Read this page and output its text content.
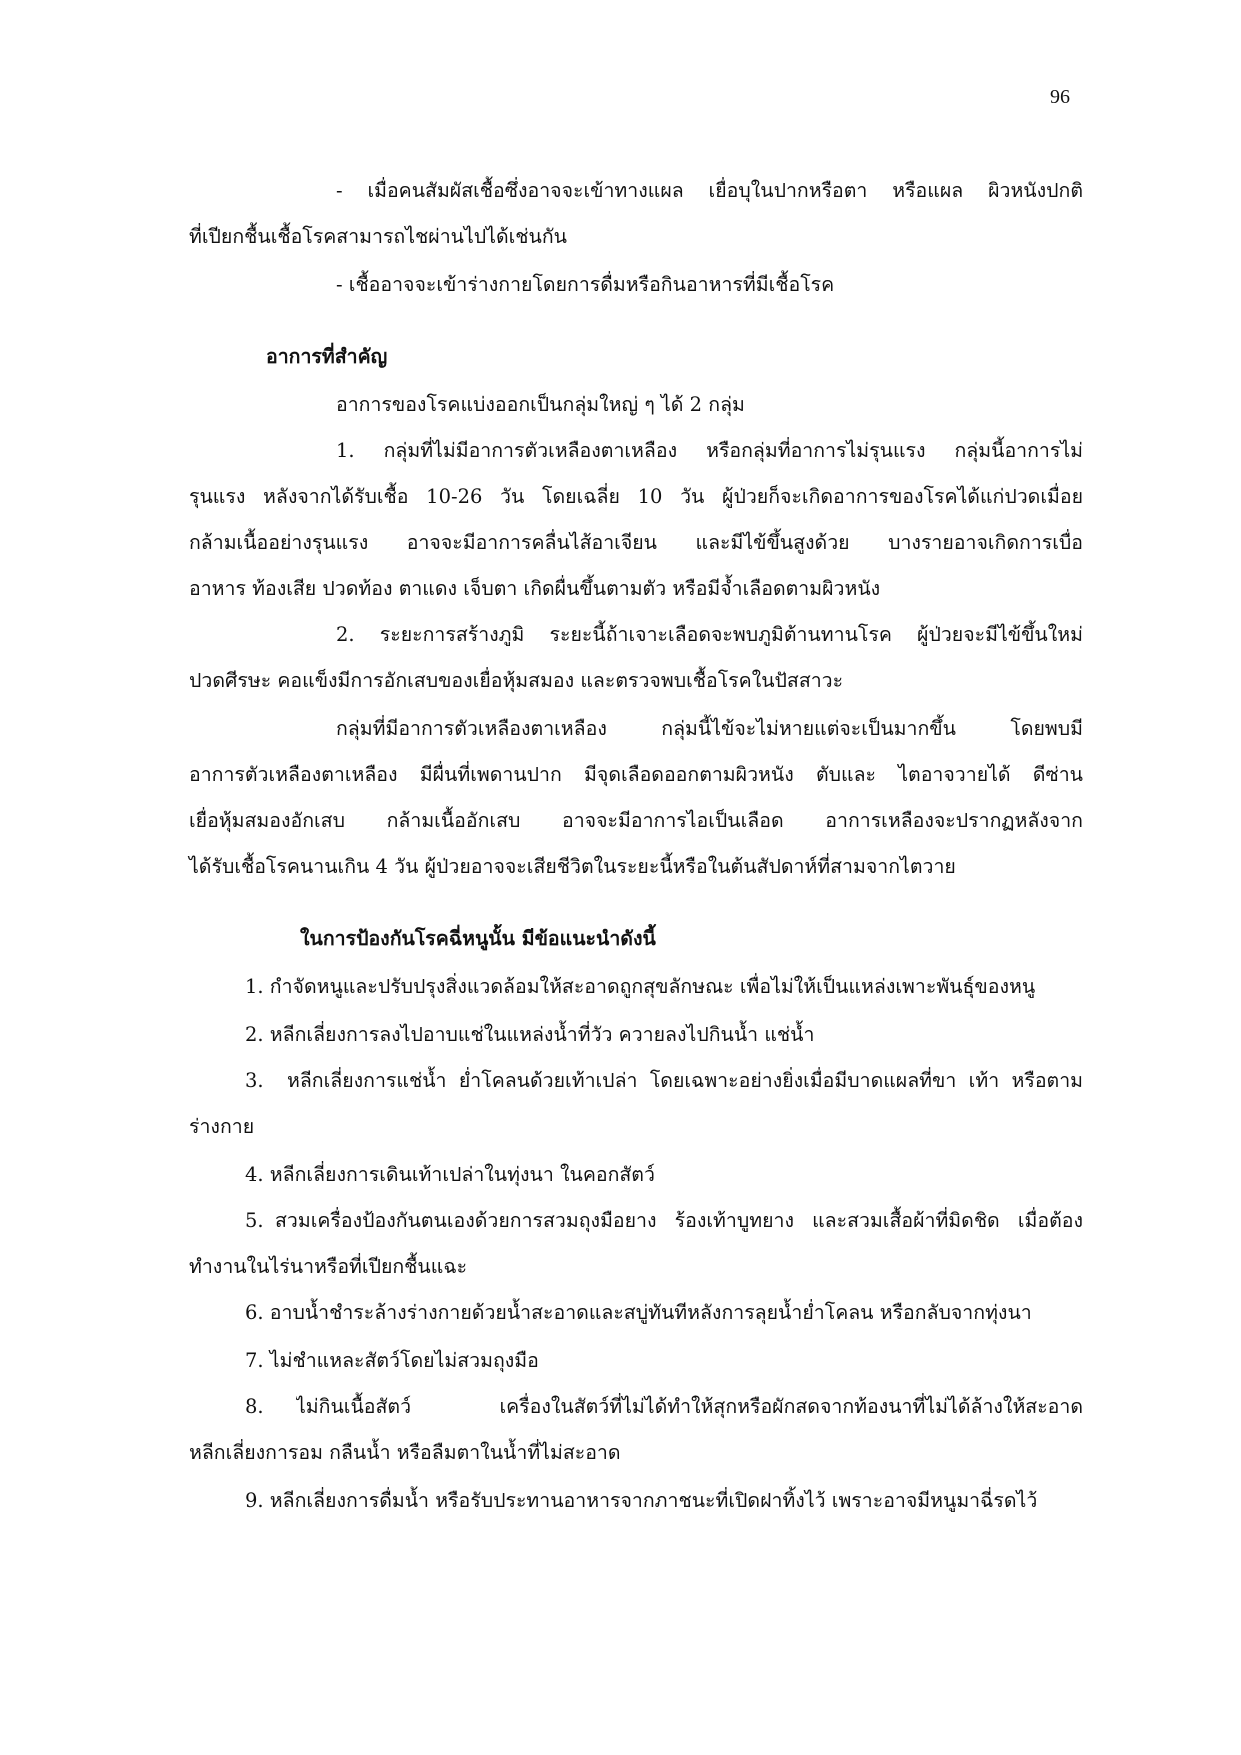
96
- เมื่อคนสัมผัสเชื้อซึ่งอาจจะเข้าทางแผล เยื่อบุในปากหรือตา หรือแผล ผิวหนังปกติ
ที่เปียกชื้นเชื้อโรคสามารถไชผ่านไปได้เช่นกัน
- เชื้ออาจจะเข้าร่างกายโดยการดื่มหรือกินอาหารที่มีเชื้อโรค
อาการที่สำคัญ
อาการของโรคแบ่งออกเป็นกลุ่มใหญ่ ๆ ได้ 2 กลุ่ม
1. กลุ่มที่ไม่มีอาการตัวเหลืองตาเหลือง หรือกลุ่มที่อาการไม่รุนแรง กลุ่มนี้อาการไม่
รุนแรง หลังจากได้รับเชื้อ 10-26 วัน โดยเฉลี่ย 10 วัน ผู้ป่วยก็จะเกิดอาการของโรคได้แก่ปวดเมื่อย
กล้ามเนื้ออย่างรุนแรง อาจจะมีอาการคลื่นไส้อาเจียน และมีไข้ขึ้นสูงด้วย บางรายอาจเกิดการเบื่อ
อาหาร ท้องเสีย ปวดท้อง ตาแดง เจ็บตา เกิดผื่นขึ้นตามตัว หรือมีจ้ำเลือดตามผิวหนัง
2. ระยะการสร้างภูมิ ระยะนี้ถ้าเจาะเลือดจะพบภูมิต้านทานโรค ผู้ป่วยจะมีไข้ขึ้นใหม่
ปวดศีรษะ คอแข็งมีการอักเสบของเยื่อหุ้มสมอง และตรวจพบเชื้อโรคในปัสสาวะ
กลุ่มที่มีอาการตัวเหลืองตาเหลือง กลุ่มนี้ไข้จะไม่หายแต่จะเป็นมากขึ้น โดยพบมี
อาการตัวเหลืองตาเหลือง มีผื่นที่เพดานปาก มีจุดเลือดออกตามผิวหนัง ตับและ ไตอาจวายได้ ดีซ่าน
เยื่อหุ้มสมองอักเสบ กล้ามเนื้ออักเสบ อาจจะมีอาการไอเป็นเลือด อาการเหลืองจะปรากฏหลังจาก
ได้รับเชื้อโรคนานเกิน 4 วัน ผู้ป่วยอาจจะเสียชีวิตในระยะนี้หรือในต้นสัปดาห์ที่สามจากไตวาย
ในการป้องกันโรคฉี่หนูนั้น มีข้อแนะนำดังนี้
1. กำจัดหนูและปรับปรุงสิ่งแวดล้อมให้สะอาดถูกสุขลักษณะ เพื่อไม่ให้เป็นแหล่งเพาะพันธุ์ของหนู
2. หลีกเลี่ยงการลงไปอาบแช่ในแหล่งน้ำที่วัว ควายลงไปกินน้ำ แช่น้ำ
3. หลีกเลี่ยงการแช่น้ำ ย่ำโคลนด้วยเท้าเปล่า โดยเฉพาะอย่างยิ่งเมื่อมีบาดแผลที่ขา เท้า หรือตาม
ร่างกาย
4. หลีกเลี่ยงการเดินเท้าเปล่าในทุ่งนา ในคอกสัตว์
5. สวมเครื่องป้องกันตนเองด้วยการสวมถุงมือยาง ร้องเท้าบูทยาง และสวมเสื้อผ้าที่มิดชิด เมื่อต้อง
ทำงานในไร่นาหรือที่เปียกชื้นแฉะ
6. อาบน้ำชำระล้างร่างกายด้วยน้ำสะอาดและสบู่ทันทีหลังการลุยน้ำย่ำโคลน หรือกลับจากทุ่งนา
7. ไม่ชำแหละสัตว์โดยไม่สวมถุงมือ
8. ไม่กินเนื้อสัตว์ เครื่องในสัตว์ที่ไม่ได้ทำให้สุกหรือผักสดจากท้องนาที่ไม่ได้ล้างให้สะอาด
หลีกเลี่ยงการอม กลืนน้ำ หรือลืมตาในน้ำที่ไม่สะอาด
9. หลีกเลี่ยงการดื่มน้ำ หรือรับประทานอาหารจากภาชนะที่เปิดฝาทิ้งไว้ เพราะอาจมีหนูมาฉี่รดไว้
